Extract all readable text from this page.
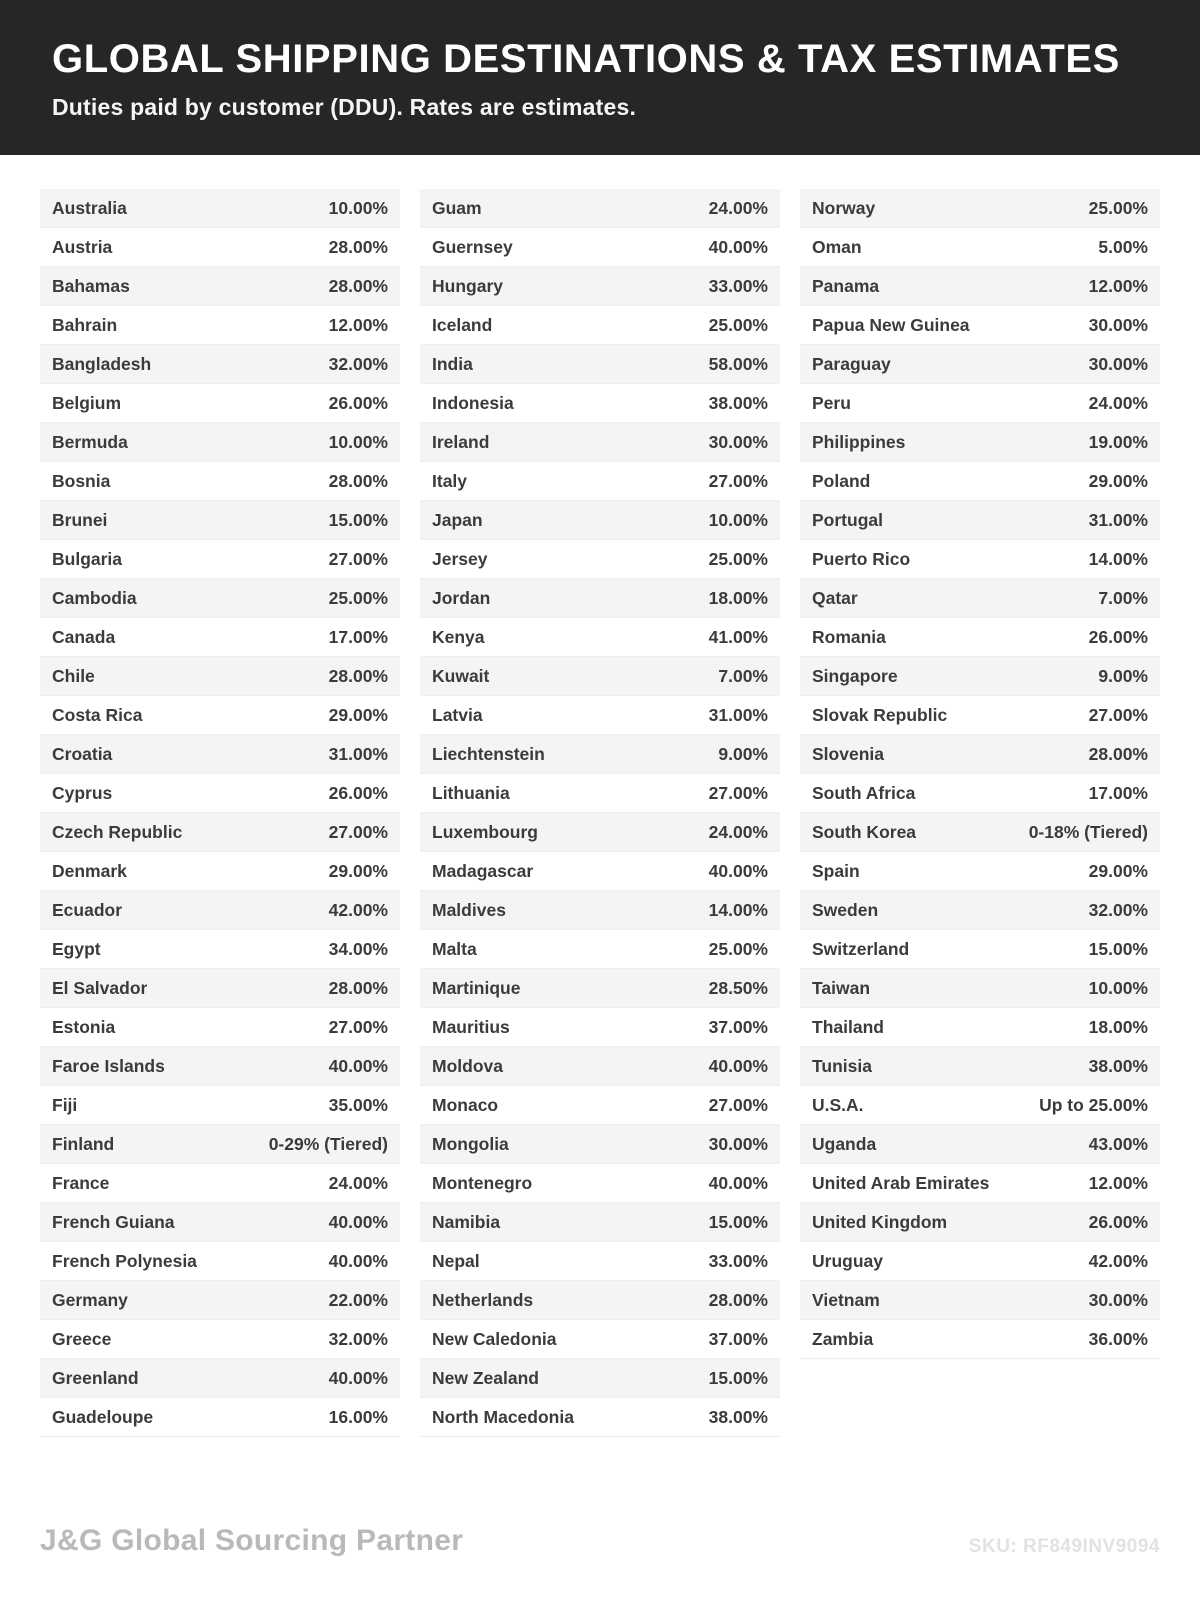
GLOBAL SHIPPING DESTINATIONS & TAX ESTIMATES
Duties paid by customer (DDU). Rates are estimates.
Australia	10.00%
Austria	28.00%
Bahamas	28.00%
Bahrain	12.00%
Bangladesh	32.00%
Belgium	26.00%
Bermuda	10.00%
Bosnia	28.00%
Brunei	15.00%
Bulgaria	27.00%
Cambodia	25.00%
Canada	17.00%
Chile	28.00%
Costa Rica	29.00%
Croatia	31.00%
Cyprus	26.00%
Czech Republic	27.00%
Denmark	29.00%
Ecuador	42.00%
Egypt	34.00%
El Salvador	28.00%
Estonia	27.00%
Faroe Islands	40.00%
Fiji	35.00%
Finland	0-29% (Tiered)
France	24.00%
French Guiana	40.00%
French Polynesia	40.00%
Germany	22.00%
Greece	32.00%
Greenland	40.00%
Guadeloupe	16.00%
Guam	24.00%
Guernsey	40.00%
Hungary	33.00%
Iceland	25.00%
India	58.00%
Indonesia	38.00%
Ireland	30.00%
Italy	27.00%
Japan	10.00%
Jersey	25.00%
Jordan	18.00%
Kenya	41.00%
Kuwait	7.00%
Latvia	31.00%
Liechtenstein	9.00%
Lithuania	27.00%
Luxembourg	24.00%
Madagascar	40.00%
Maldives	14.00%
Malta	25.00%
Martinique	28.50%
Mauritius	37.00%
Moldova	40.00%
Monaco	27.00%
Mongolia	30.00%
Montenegro	40.00%
Namibia	15.00%
Nepal	33.00%
Netherlands	28.00%
New Caledonia	37.00%
New Zealand	15.00%
North Macedonia	38.00%
Norway	25.00%
Oman	5.00%
Panama	12.00%
Papua New Guinea	30.00%
Paraguay	30.00%
Peru	24.00%
Philippines	19.00%
Poland	29.00%
Portugal	31.00%
Puerto Rico	14.00%
Qatar	7.00%
Romania	26.00%
Singapore	9.00%
Slovak Republic	27.00%
Slovenia	28.00%
South Africa	17.00%
South Korea	0-18% (Tiered)
Spain	29.00%
Sweden	32.00%
Switzerland	15.00%
Taiwan	10.00%
Thailand	18.00%
Tunisia	38.00%
U.S.A.	Up to 25.00%
Uganda	43.00%
United Arab Emirates	12.00%
United Kingdom	26.00%
Uruguay	42.00%
Vietnam	30.00%
Zambia	36.00%
J&G Global Sourcing Partner	SKU: RF849INV9094
